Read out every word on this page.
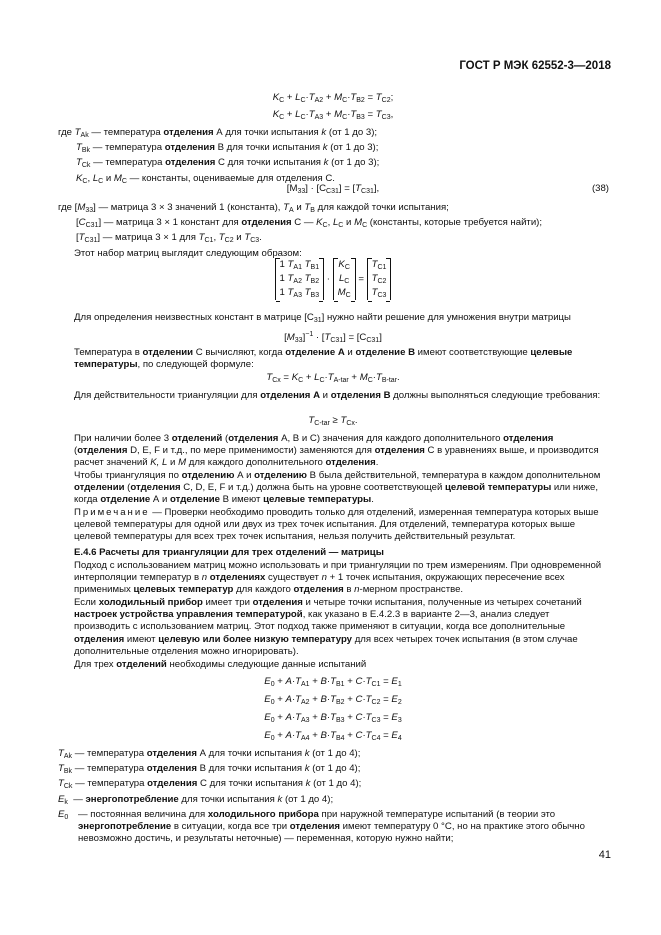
ГОСТ Р МЭК 62552-3—2018
$K_C + L_C\cdot T_{A2} + M_C\cdot T_{B2} = T_{C2}$;
$K_C + L_C\cdot T_{A3} + M_C\cdot T_{B3} = T_{C3}$,
где $T_{Ak}$ — температура отделения А для точки испытания k (от 1 до 3);
$T_{Bk}$ — температура отделения В для точки испытания k (от 1 до 3);
$T_{Ck}$ — температура отделения С для точки испытания k (от 1 до 3);
$K_C$, $L_C$ и $M_C$ — константы, оцениваемые для отделения С.
$[M_{33}] \cdot [C_{C31}] = [T_{C31}]$,	(38)
где $[M_{33}]$ — матрица 3 × 3 значений 1 (константа), $T_A$ и $T_B$ для каждой точки испытания;
$[C_{C31}]$ — матрица 3 × 1 констант для отделения С — $K_C$, $L_C$ и $M_C$ (константы, которые требуется найти);
$[T_{C31}]$ — матрица 3 × 1 для $T_{C1}$, $T_{C2}$ и $T_{C3}$.
Этот набор матриц выглядит следующим образом:
1 $T_{A1}$ $T_{B1}$
1 $T_{A2}$ $T_{B2}$
1 $T_{A3}$ $T_{B3}$
·
$K_C$
$L_C$
$M_C$
=
$T_{C1}$
$T_{C2}$
$T_{C3}$
Для определения неизвестных констант в матрице $[C_{31}]$ нужно найти решение для умножения внутри матрицы
$[M_{33}]^{-1} \cdot [T_{C31}] = [C_{C31}]$
Температура в отделении С вычисляют, когда отделение А и отделение В имеют соответствующие целевые температуры, по следующей формуле:
$T_{Cx} = K_C + L_C\cdot T_{A-tar} + M_C\cdot T_{B-tar}$.
Для действительности триангуляции для отделения А и отделения В должны выполняться следующие требования:
$T_{C-tar} \ge T_{Cx}$.
При наличии более 3 отделений (отделения А, В и С) значения для каждого дополнительного отделения (отделения D, E, F и т.д., по мере применимости) заменяются для отделения С в уравнениях выше, и производится расчет значений K, L и M для каждого дополнительного отделения.
Чтобы триангуляция по отделению А и отделению В была действительной, температура в каждом дополнительном отделении (отделения С, D, E, F и т.д.) должна быть на уровне соответствующей целевой температуры или ниже, когда отделение А и отделение В имеют целевые температуры.
Примечание — Проверки необходимо проводить только для отделений, измеренная температура которых выше целевой температуры для одной или двух из трех точек испытания. Для отделений, температура которых выше целевой температуры для всех трех точек испытания, нельзя получить действительный результат.
Е.4.6 Расчеты для триангуляции для трех отделений — матрицы
Подход с использованием матриц можно использовать и при триангуляции по трем измерениям. При одновременной интерполяции температур в n отделениях существует n + 1 точек испытания, окружающих пересечение всех применимых целевых температур для каждого отделения в n-мерном пространстве.
Если холодильный прибор имеет три отделения и четыре точки испытания, полученные из четырех сочетаний настроек устройства управления температурой, как указано в Е.4.2.3 в варианте 2—3, анализ следует производить с использованием матриц. Этот подход также применяют в ситуации, когда все дополнительные отделения имеют целевую или более низкую температуру для всех четырех точек испытания (в этом случае дополнительные отделения можно игнорировать).
Для трех отделений необходимы следующие данные испытаний
$E_0 + A\cdot T_{A1} + B\cdot T_{B1} + C\cdot T_{C1} = E_1$
$E_0 + A\cdot T_{A2} + B\cdot T_{B2} + C\cdot T_{C2} = E_2$
$E_0 + A\cdot T_{A3} + B\cdot T_{B3} + C\cdot T_{C3} = E_3$
$E_0 + A\cdot T_{A4} + B\cdot T_{B4} + C\cdot T_{C4} = E_4$
$T_{Ak}$ — температура отделения А для точки испытания k (от 1 до 4);
$T_{Bk}$ — температура отделения В для точки испытания k (от 1 до 4);
$T_{Ck}$ — температура отделения С для точки испытания k (от 1 до 4);
$E_k$  — энергопотребление для точки испытания k (от 1 до 4);
$E_0$	— постоянная величина для холодильного прибора при наружной температуре испытаний (в теории это энергопотребление в ситуации, когда все три отделения имеют температуру 0 °С, но на практике этого обычно невозможно достичь, и результаты неточные) — переменная, которую нужно найти;
41
